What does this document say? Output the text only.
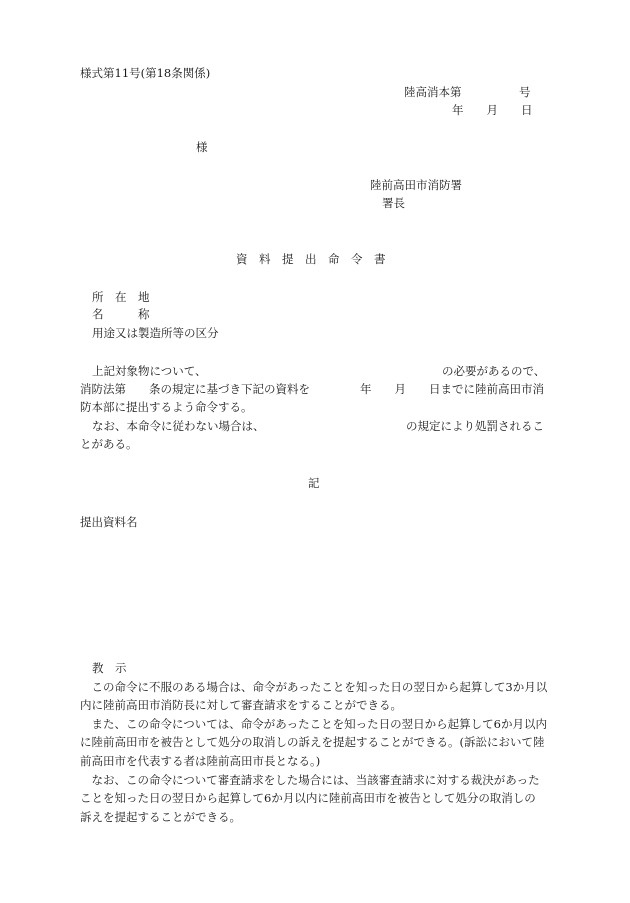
様式第11号(第18条関係)
陸高消本第　　　　　号
年　　月　　日
様
陸前高田市消防署
署長
資　料　提　出　命　令　書
所　在　地
名　　　称
用途又は製造所等の区分
上記対象物について、	の必要があるので、
消防法第　　条の規定に基づき下記の資料を	年　　月　　日までに陸前高田市消
防本部に提出するよう命令する。
なお、本命令に従わない場合は、	の規定により処罰されるこ
とがある。
記
提出資料名

教　示

　この命令に不服のある場合は、命令があったことを知った日の翌日から起算して3か月以

内に陸前高田市消防長に対して審査請求をすることができる。

　また、この命令については、命令があったことを知った日の翌日から起算して6か月以内

に陸前高田市を被告として処分の取消しの訴えを提起することができる。(訴訟において陸

前高田市を代表する者は陸前高田市長となる。)

　なお、この命令について審査請求をした場合には、当該審査請求に対する裁決があった

ことを知った日の翌日から起算して6か月以内に陸前高田市を被告として処分の取消しの

訴えを提起することができる。
